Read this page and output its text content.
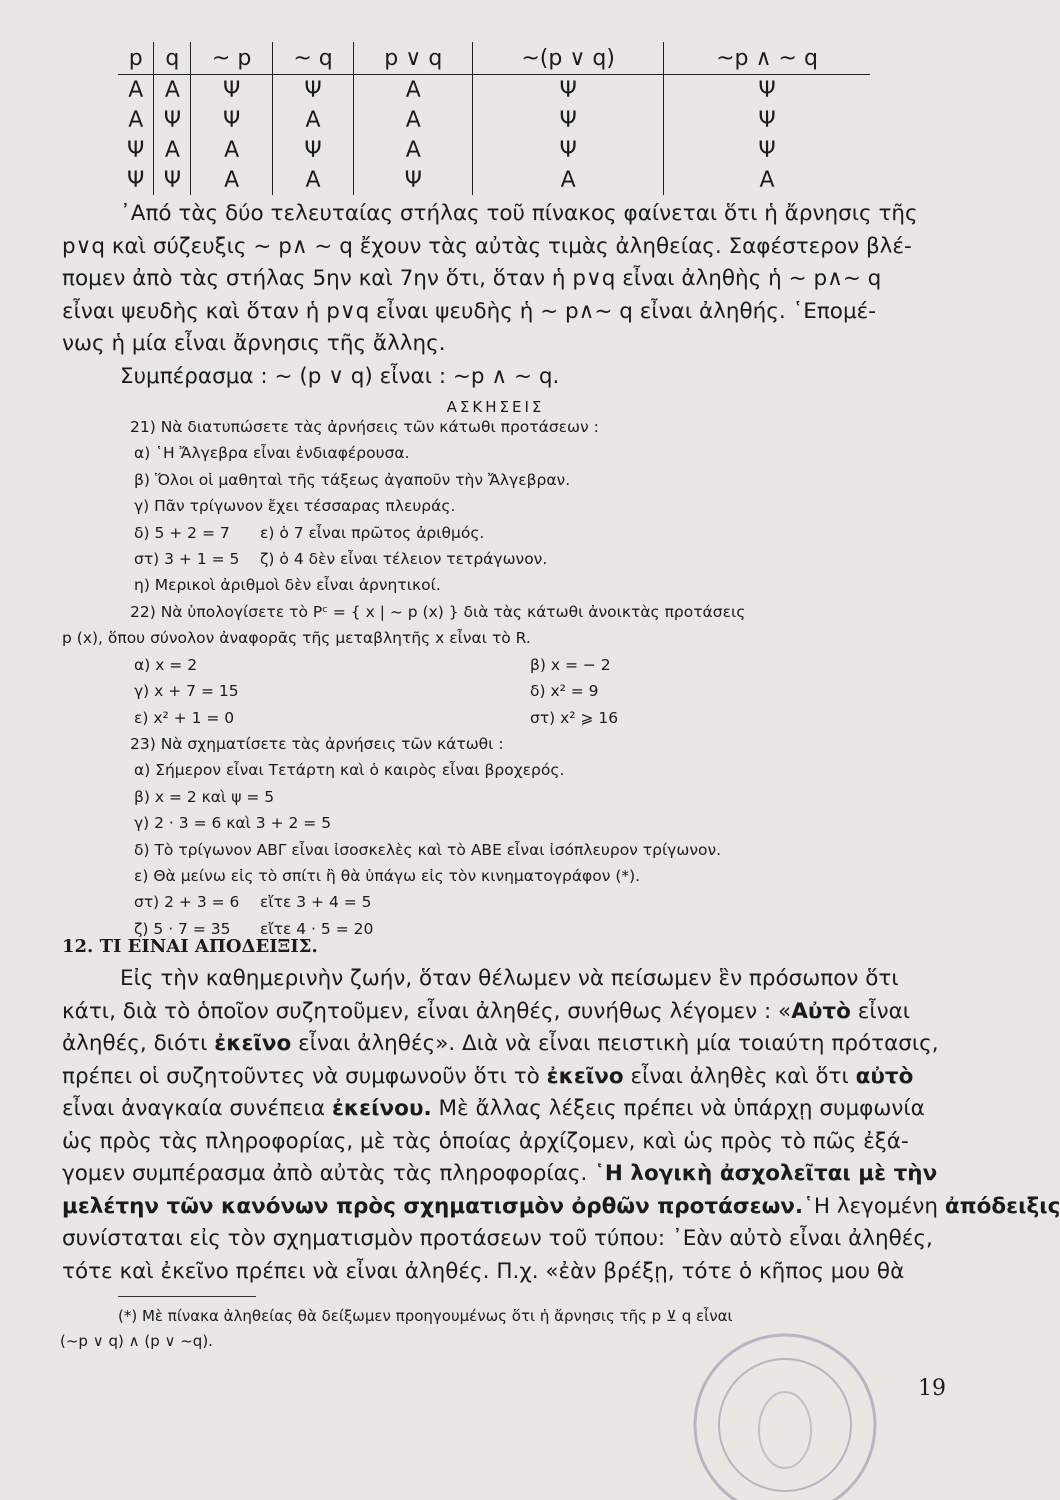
p	q	~ p	~ q	p ∨ q	~(p ∨ q)	~p ∧ ~ q
Α	Α	Ψ	Ψ	Α	Ψ	Ψ
Α	Ψ	Ψ	Α	Α	Ψ	Ψ
Ψ	Α	Α	Ψ	Α	Ψ	Ψ
Ψ	Ψ	Α	Α	Ψ	Α	Α
᾿Από τὰς δύο τελευταίας στήλας τοῦ πίνακος φαίνεται ὅτι ἡ ἄρνησις τῆς
p∨q καὶ σύζευξις ~ p∧ ~ q ἔχουν τὰς αὐτὰς τιμὰς ἀληθείας. Σαφέστερον βλέ-
πομεν ἀπὸ τὰς στήλας 5ην καὶ 7ην ὅτι, ὅταν ἡ p∨q εἶναι ἀληθὴς ἡ ~ p∧~ q
εἶναι ψευδὴς καὶ ὅταν ἡ p∨q εἶναι ψευδὴς ἡ ~ p∧~ q εἶναι ἀληθής. ῾Επομέ-
νως ἡ μία εἶναι ἄρνησις τῆς ἄλλης.
Συμπέρασμα : ~ (p ∨ q) εἶναι : ~p ∧ ~ q.
ΑΣΚΗΣΕΙΣ
21) Νὰ διατυπώσετε τὰς ἀρνήσεις τῶν κάτωθι προτάσεων :
α) ῾Η Ἄλγεβρα εἶναι ἐνδιαφέρουσα.
β) Ὅλοι οἱ μαθηταὶ τῆς τάξεως ἀγαποῦν τὴν Ἄλγεβραν.
γ) Πᾶν τρίγωνον ἔχει τέσσαρας πλευράς.
δ) 5 + 2 = 7 ε) ὁ 7 εἶναι πρῶτος ἀριθμός.
στ) 3 + 1 = 5 ζ) ὁ 4 δὲν εἶναι τέλειον τετράγωνον.
η) Μερικοὶ ἀριθμοὶ δὲν εἶναι ἀρνητικοί.
22) Νὰ ὑπολογίσετε τὸ Pᶜ = { x | ~ p (x) } διὰ τὰς κάτωθι ἀνοικτὰς προτάσεις
p (x), ὅπου σύνολον ἀναφορᾶς τῆς μεταβλητῆς x εἶναι τὸ R.
α) x = 2	β) x = − 2
γ) x + 7 = 15	δ) x² = 9
ε) x² + 1 = 0	στ) x² ⩾ 16
23) Νὰ σχηματίσετε τὰς ἀρνήσεις τῶν κάτωθι :
α) Σήμερον εἶναι Τετάρτη καὶ ὁ καιρὸς εἶναι βροχερός.
β) x = 2 καὶ ψ = 5
γ) 2 · 3 = 6 καὶ 3 + 2 = 5
δ) Τὸ τρίγωνον ΑΒΓ εἶναι ἰσοσκελὲς καὶ τὸ ΑΒΕ εἶναι ἰσόπλευρον τρίγωνον.
ε) Θὰ μείνω εἰς τὸ σπίτι ἢ θὰ ὑπάγω εἰς τὸν κινηματογράφον (*).
στ) 2 + 3 = 6 εἴτε 3 + 4 = 5
ζ) 5 · 7 = 35 εἴτε 4 · 5 = 20
12. ΤΙ ΕΙΝΑΙ ΑΠΟΔΕΙΞΙΣ.
Εἰς τὴν καθημερινὴν ζωήν, ὅταν θέλωμεν νὰ πείσωμεν ἓν πρόσωπον ὅτι
κάτι, διὰ τὸ ὁποῖον συζητοῦμεν, εἶναι ἀληθές, συνήθως λέγομεν : «Αὐτὸ εἶναι
ἀληθές, διότι ἐκεῖνο εἶναι ἀληθές». Διὰ νὰ εἶναι πειστικὴ μία τοιαύτη πρότασις,
πρέπει οἱ συζητοῦντες νὰ συμφωνοῦν ὅτι τὸ ἐκεῖνο εἶναι ἀληθὲς καὶ ὅτι αὐτὸ
εἶναι ἀναγκαία συνέπεια ἐκείνου. Μὲ ἄλλας λέξεις πρέπει νὰ ὑπάρχῃ συμφωνία
ὡς πρὸς τὰς πληροφορίας, μὲ τὰς ὁποίας ἀρχίζομεν, καὶ ὡς πρὸς τὸ πῶς ἐξά-
γομεν συμπέρασμα ἀπὸ αὐτὰς τὰς πληροφορίας. ῾Η λογικὴ ἀσχολεῖται μὲ τὴν
μελέτην τῶν κανόνων πρὸς σχηματισμὸν ὀρθῶν προτάσεων.῾Η λεγομένη ἀπόδειξις
συνίσταται εἰς τὸν σχηματισμὸν προτάσεων τοῦ τύπου: ᾿Εὰν αὐτὸ εἶναι ἀληθές,
τότε καὶ ἐκεῖνο πρέπει νὰ εἶναι ἀληθές. Π.χ. «ἐὰν βρέξῃ, τότε ὁ κῆπος μου θὰ
(*) Μὲ πίνακα ἀληθείας θὰ δείξωμεν προηγουμένως ὅτι ἡ ἄρνησις τῆς p ⊻ q εἶναι
(~p ∨ q) ∧ (p ∨ ~q).
19
